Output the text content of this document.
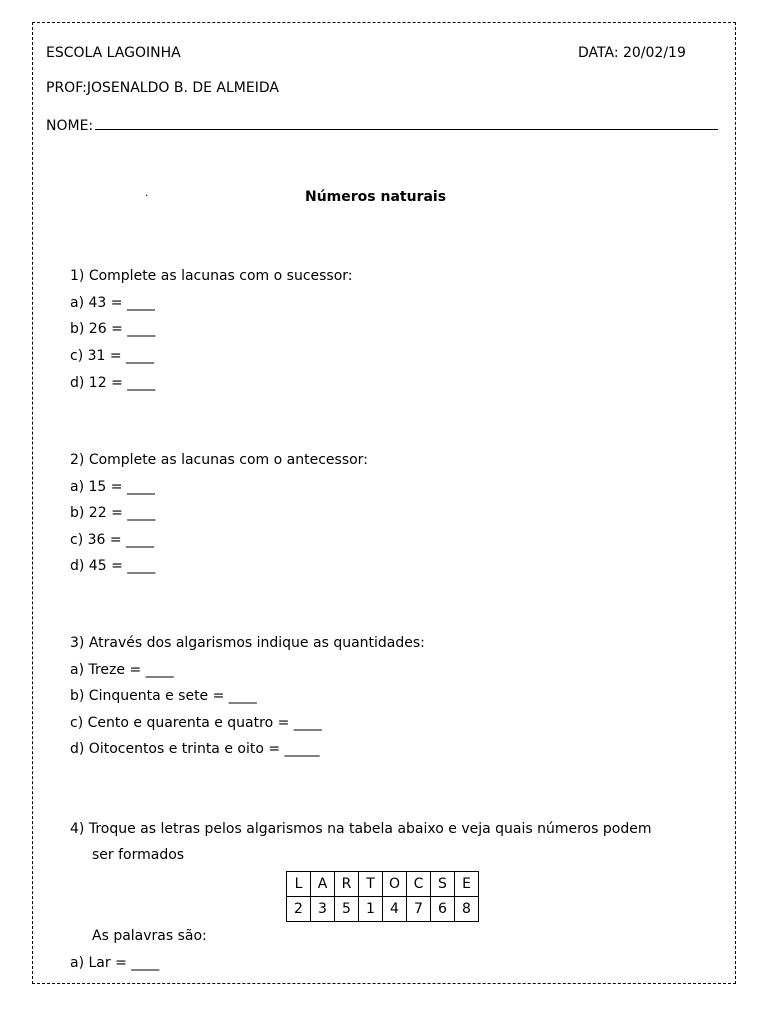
ESCOLA LAGOINHA	DATA: 20/02/19
PROF:JOSENALDO B. DE ALMEIDA
NOME:
·	Números naturais
1) Complete as lacunas com o sucessor:
a) 43 = ____
b) 26 = ____
c) 31 = ____
d) 12 = ____
2) Complete as lacunas com o antecessor:
a) 15 = ____
b) 22 = ____
c) 36 = ____
d) 45 = ____
3) Através dos algarismos indique as quantidades:
a) Treze = ____
b) Cinquenta e sete = ____
c) Cento e quarenta e quatro = ____
d) Oitocentos e trinta e oito = _____
4) Troque as letras pelos algarismos na tabela abaixo e veja quais números podem
ser formados
L	A	R	T	O	C	S	E
2	3	5	1	4	7	6	8
As palavras são:
a) Lar = ____
